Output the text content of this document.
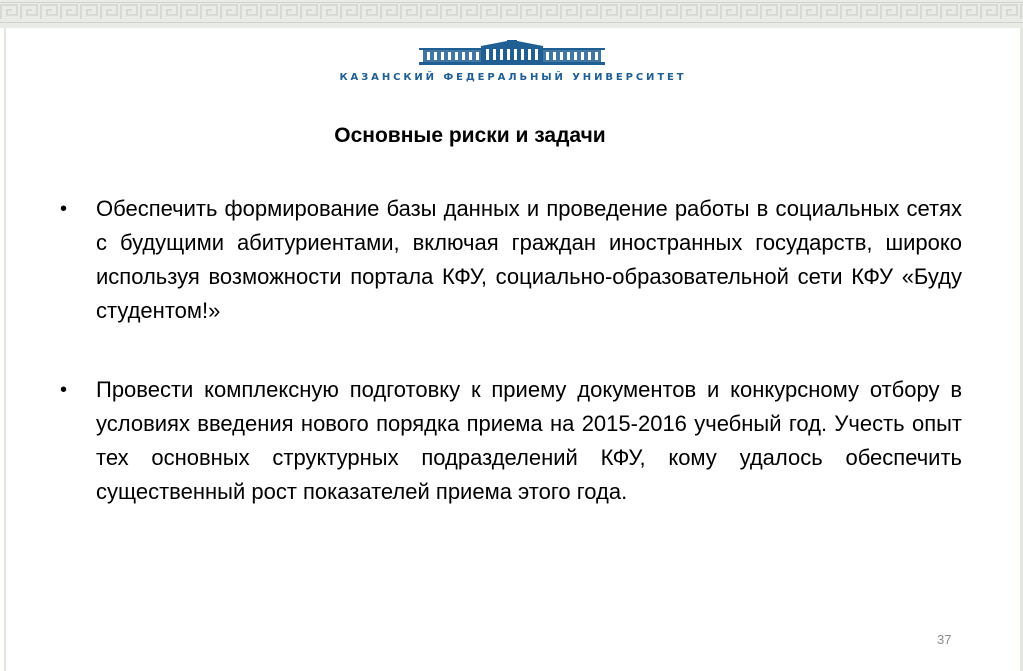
КАЗАНСКИЙ ФЕДЕРАЛЬНЫЙ УНИВЕРСИТЕТ
Основные риски и задачи
• Обеспечить формирование базы данных и проведение работы в социальных сетях с будущими абитуриентами, включая граждан иностранных государств, широко используя возможности портала КФУ, социально-образовательной сети КФУ «Буду студентом!»
• Провести комплексную подготовку к приему документов и конкурсному отбору в условиях введения нового порядка приема на 2015-2016 учебный год. Учесть опыт тех основных структурных подразделений КФУ, кому удалось обеспечить существенный рост показателей приема этого года.
37
